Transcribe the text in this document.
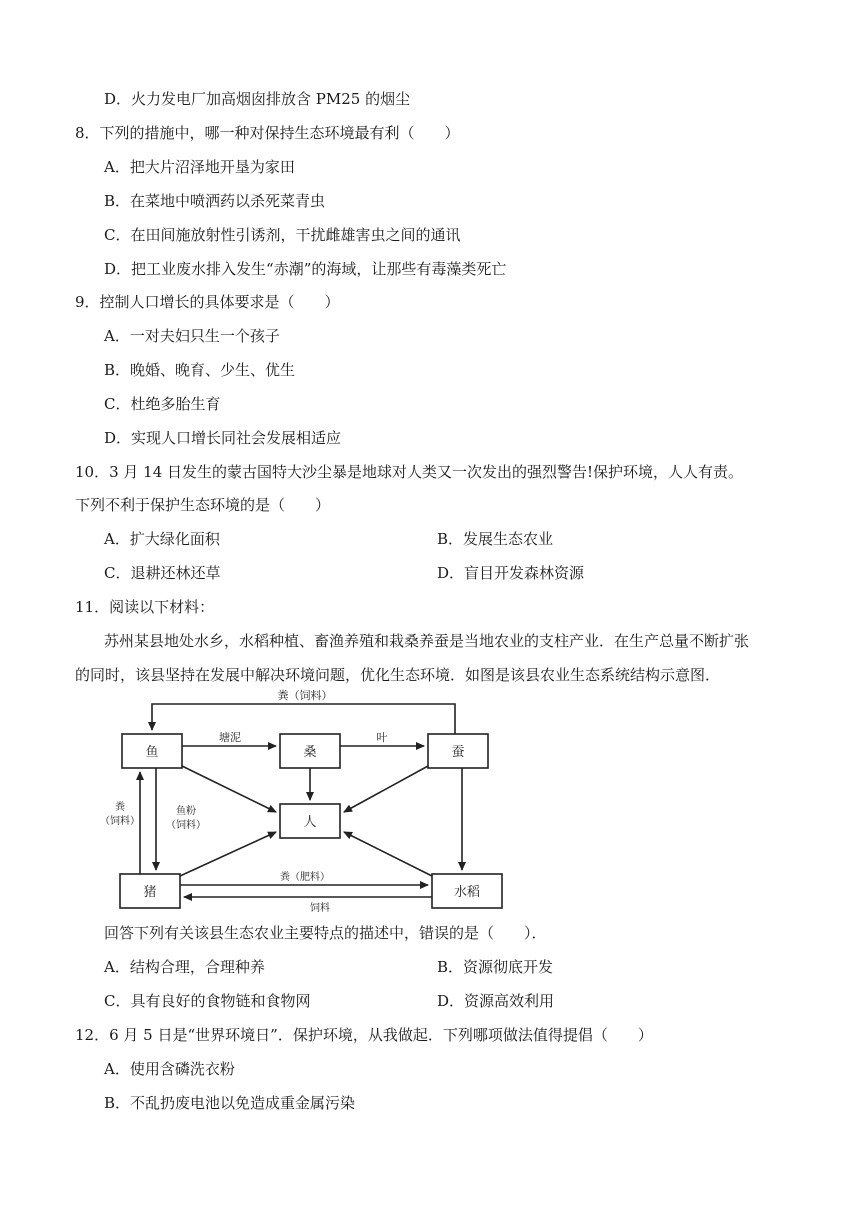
D．火力发电厂加高烟囱排放含 PM25 的烟尘
8．下列的措施中，哪一种对保持生态环境最有利（　　）
A．把大片沼泽地开垦为家田
B．在菜地中喷洒药以杀死菜青虫
C．在田间施放射性引诱剂，干扰雌雄害虫之间的通讯
D．把工业废水排入发生“赤潮”的海域，让那些有毒藻类死亡
9．控制人口增长的具体要求是（　　）
A．一对夫妇只生一个孩子
B．晚婚、晚育、少生、优生
C．杜绝多胎生育
D．实现人口增长同社会发展相适应
10．3 月 14 日发生的蒙古国特大沙尘暴是地球对人类又一次发出的强烈警告!保护环境，人人有责。
下列不利于保护生态环境的是（　　）
A．扩大绿化面积	B．发展生态农业
C．退耕还林还草	D．盲目开发森林资源
11．阅读以下材料：
苏州某县地处水乡，水稻种植、畜渔养殖和栽桑养蚕是当地农业的支柱产业．在生产总量不断扩张
的同时，该县坚持在发展中解决环境问题，优化生态环境．如图是该县农业生态系统结构示意图．
鱼	桑	蚕
人
猪	水稻
粪（饲料）
塘泥	叶
粪
（饲料）
鱼粉
（饲料）
粪（肥料）
饲料
回答下列有关该县生态农业主要特点的描述中，错误的是（　　）．
A．结构合理，合理种养	B．资源彻底开发
C．具有良好的食物链和食物网	D．资源高效利用
12．6 月 5 日是“世界环境日”．保护环境，从我做起．下列哪项做法值得提倡（　　）
A．使用含磷洗衣粉
B．不乱扔废电池以免造成重金属污染
